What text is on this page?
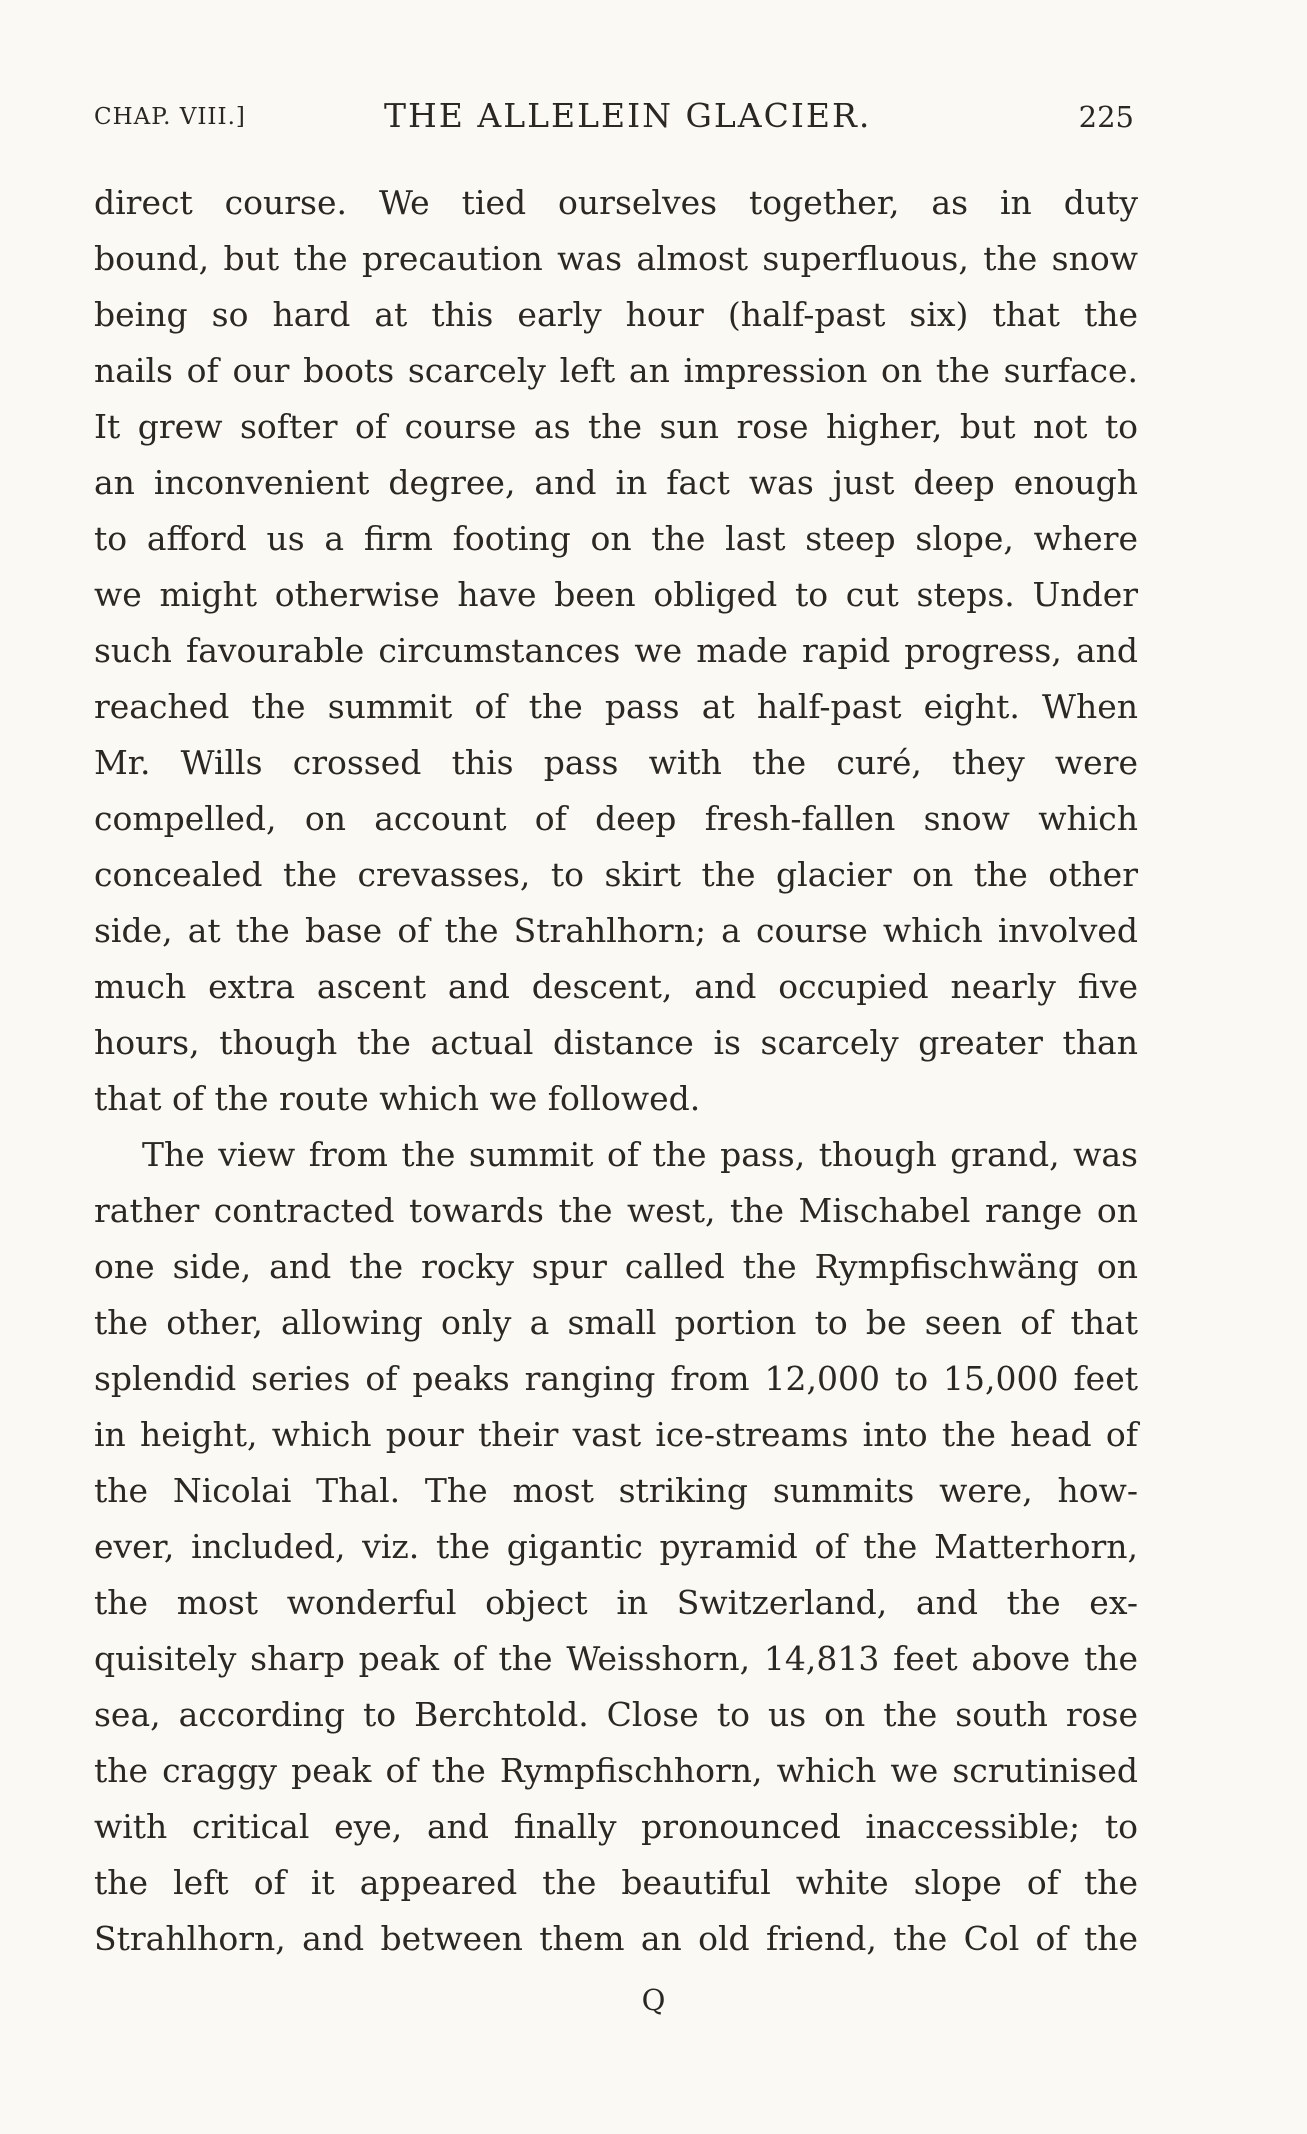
CHAP. VIII.]	THE ALLELEIN GLACIER.	225
direct course. We tied ourselves together, as in duty
bound, but the precaution was almost superfluous, the snow
being so hard at this early hour (half-past six) that the
nails of our boots scarcely left an impression on the surface.
It grew softer of course as the sun rose higher, but not to
an inconvenient degree, and in fact was just deep enough
to afford us a firm footing on the last steep slope, where
we might otherwise have been obliged to cut steps. Under
such favourable circumstances we made rapid progress, and
reached the summit of the pass at half-past eight. When
Mr. Wills crossed this pass with the curé, they were
compelled, on account of deep fresh-fallen snow which
concealed the crevasses, to skirt the glacier on the other
side, at the base of the Strahlhorn; a course which involved
much extra ascent and descent, and occupied nearly five
hours, though the actual distance is scarcely greater than
that of the route which we followed.
The view from the summit of the pass, though grand, was
rather contracted towards the west, the Mischabel range on
one side, and the rocky spur called the Rympfischwäng on
the other, allowing only a small portion to be seen of that
splendid series of peaks ranging from 12,000 to 15,000 feet
in height, which pour their vast ice-streams into the head of
the Nicolai Thal. The most striking summits were, how-
ever, included, viz. the gigantic pyramid of the Matterhorn,
the most wonderful object in Switzerland, and the ex-
quisitely sharp peak of the Weisshorn, 14,813 feet above the
sea, according to Berchtold. Close to us on the south rose
the craggy peak of the Rympfischhorn, which we scrutinised
with critical eye, and finally pronounced inaccessible; to
the left of it appeared the beautiful white slope of the
Strahlhorn, and between them an old friend, the Col of the
Q
